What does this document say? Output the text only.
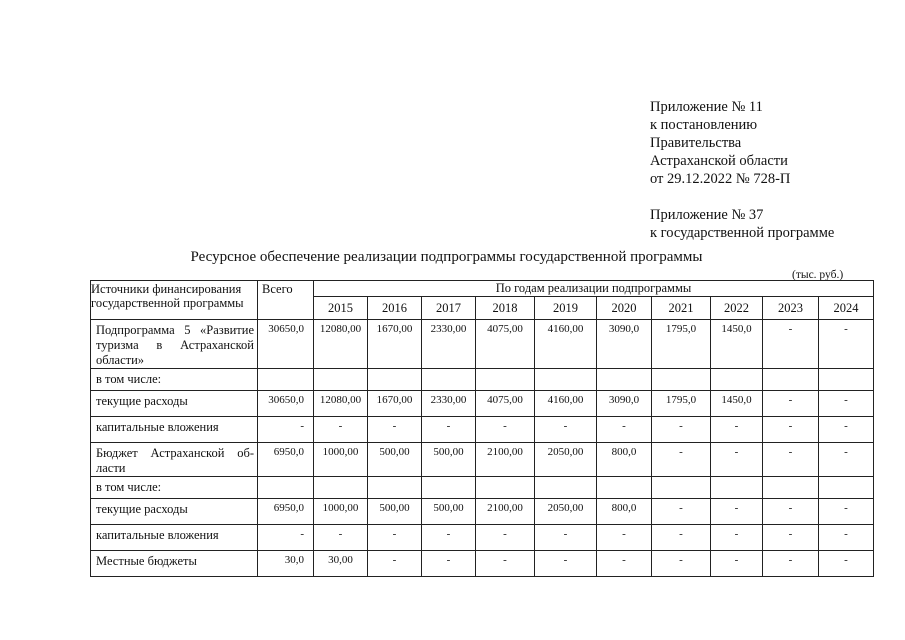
Приложение № 11
к постановлению
Правительства
Астраханской области
от 29.12.2022 № 728-П
Приложение № 37
к государственной программе
Ресурсное обеспечение реализации подпрограммы государственной программы
(тыс. руб.)
Источники финансирования государственной программы	Всего	По годам реализации подпрограммы									
		2015	2016	2017	2018	2019	2020	2021	2022	2023	2024
Подпрограмма 5 «Развитие туризма в Астраханской области»	30650,0	12080,00	1670,00	2330,00	4075,00	4160,00	3090,0	1795,0	1450,0	-	-
в том числе:											
текущие расходы	30650,0	12080,00	1670,00	2330,00	4075,00	4160,00	3090,0	1795,0	1450,0	-	-
капитальные вложения	-	-	-	-	-	-	-	-	-	-	-
Бюджет Астраханской об-ласти	6950,0	1000,00	500,00	500,00	2100,00	2050,00	800,0	-	-	-	-
в том числе:											
текущие расходы	6950,0	1000,00	500,00	500,00	2100,00	2050,00	800,0	-	-	-	-
капитальные вложения	-	-	-	-	-	-	-	-	-	-	-
Местные бюджеты	30,0	30,00	-	-	-	-	-	-	-	-	-
